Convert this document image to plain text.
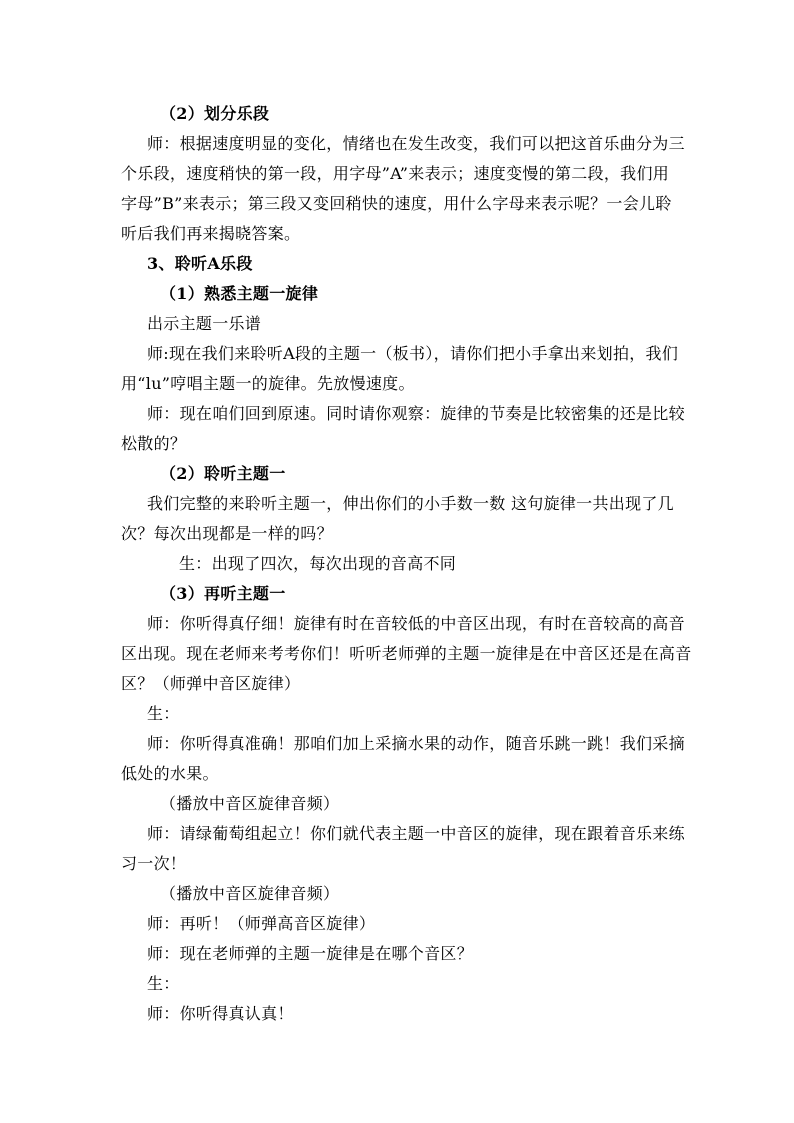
（2）划分乐段
师：根据速度明显的变化，情绪也在发生改变，我们可以把这首乐曲分为三
个乐段，速度稍快的第一段，用字母”A”来表示；速度变慢的第二段，我们用
字母”B”来表示；第三段又变回稍快的速度，用什么字母来表示呢？一会儿聆
听后我们再来揭晓答案。
3、聆听A乐段
（1）熟悉主题一旋律
出示主题一乐谱
师:现在我们来聆听A段的主题一（板书），请你们把小手拿出来划拍，我们
用“lu”哼唱主题一的旋律。先放慢速度。
师：现在咱们回到原速。同时请你观察：旋律的节奏是比较密集的还是比较
松散的？
（2）聆听主题一
我们完整的来聆听主题一，伸出你们的小手数一数 这句旋律一共出现了几
次？每次出现都是一样的吗？
生：出现了四次，每次出现的音高不同
（3）再听主题一
师：你听得真仔细！旋律有时在音较低的中音区出现，有时在音较高的高音
区出现。现在老师来考考你们！听听老师弹的主题一旋律是在中音区还是在高音
区？（师弹中音区旋律）
生：
师：你听得真准确！那咱们加上采摘水果的动作，随音乐跳一跳！我们采摘
低处的水果。
（播放中音区旋律音频）
师：请绿葡萄组起立！你们就代表主题一中音区的旋律，现在跟着音乐来练
习一次！
（播放中音区旋律音频）
师：再听！（师弹高音区旋律）
师：现在老师弹的主题一旋律是在哪个音区？
生：
师：你听得真认真！
